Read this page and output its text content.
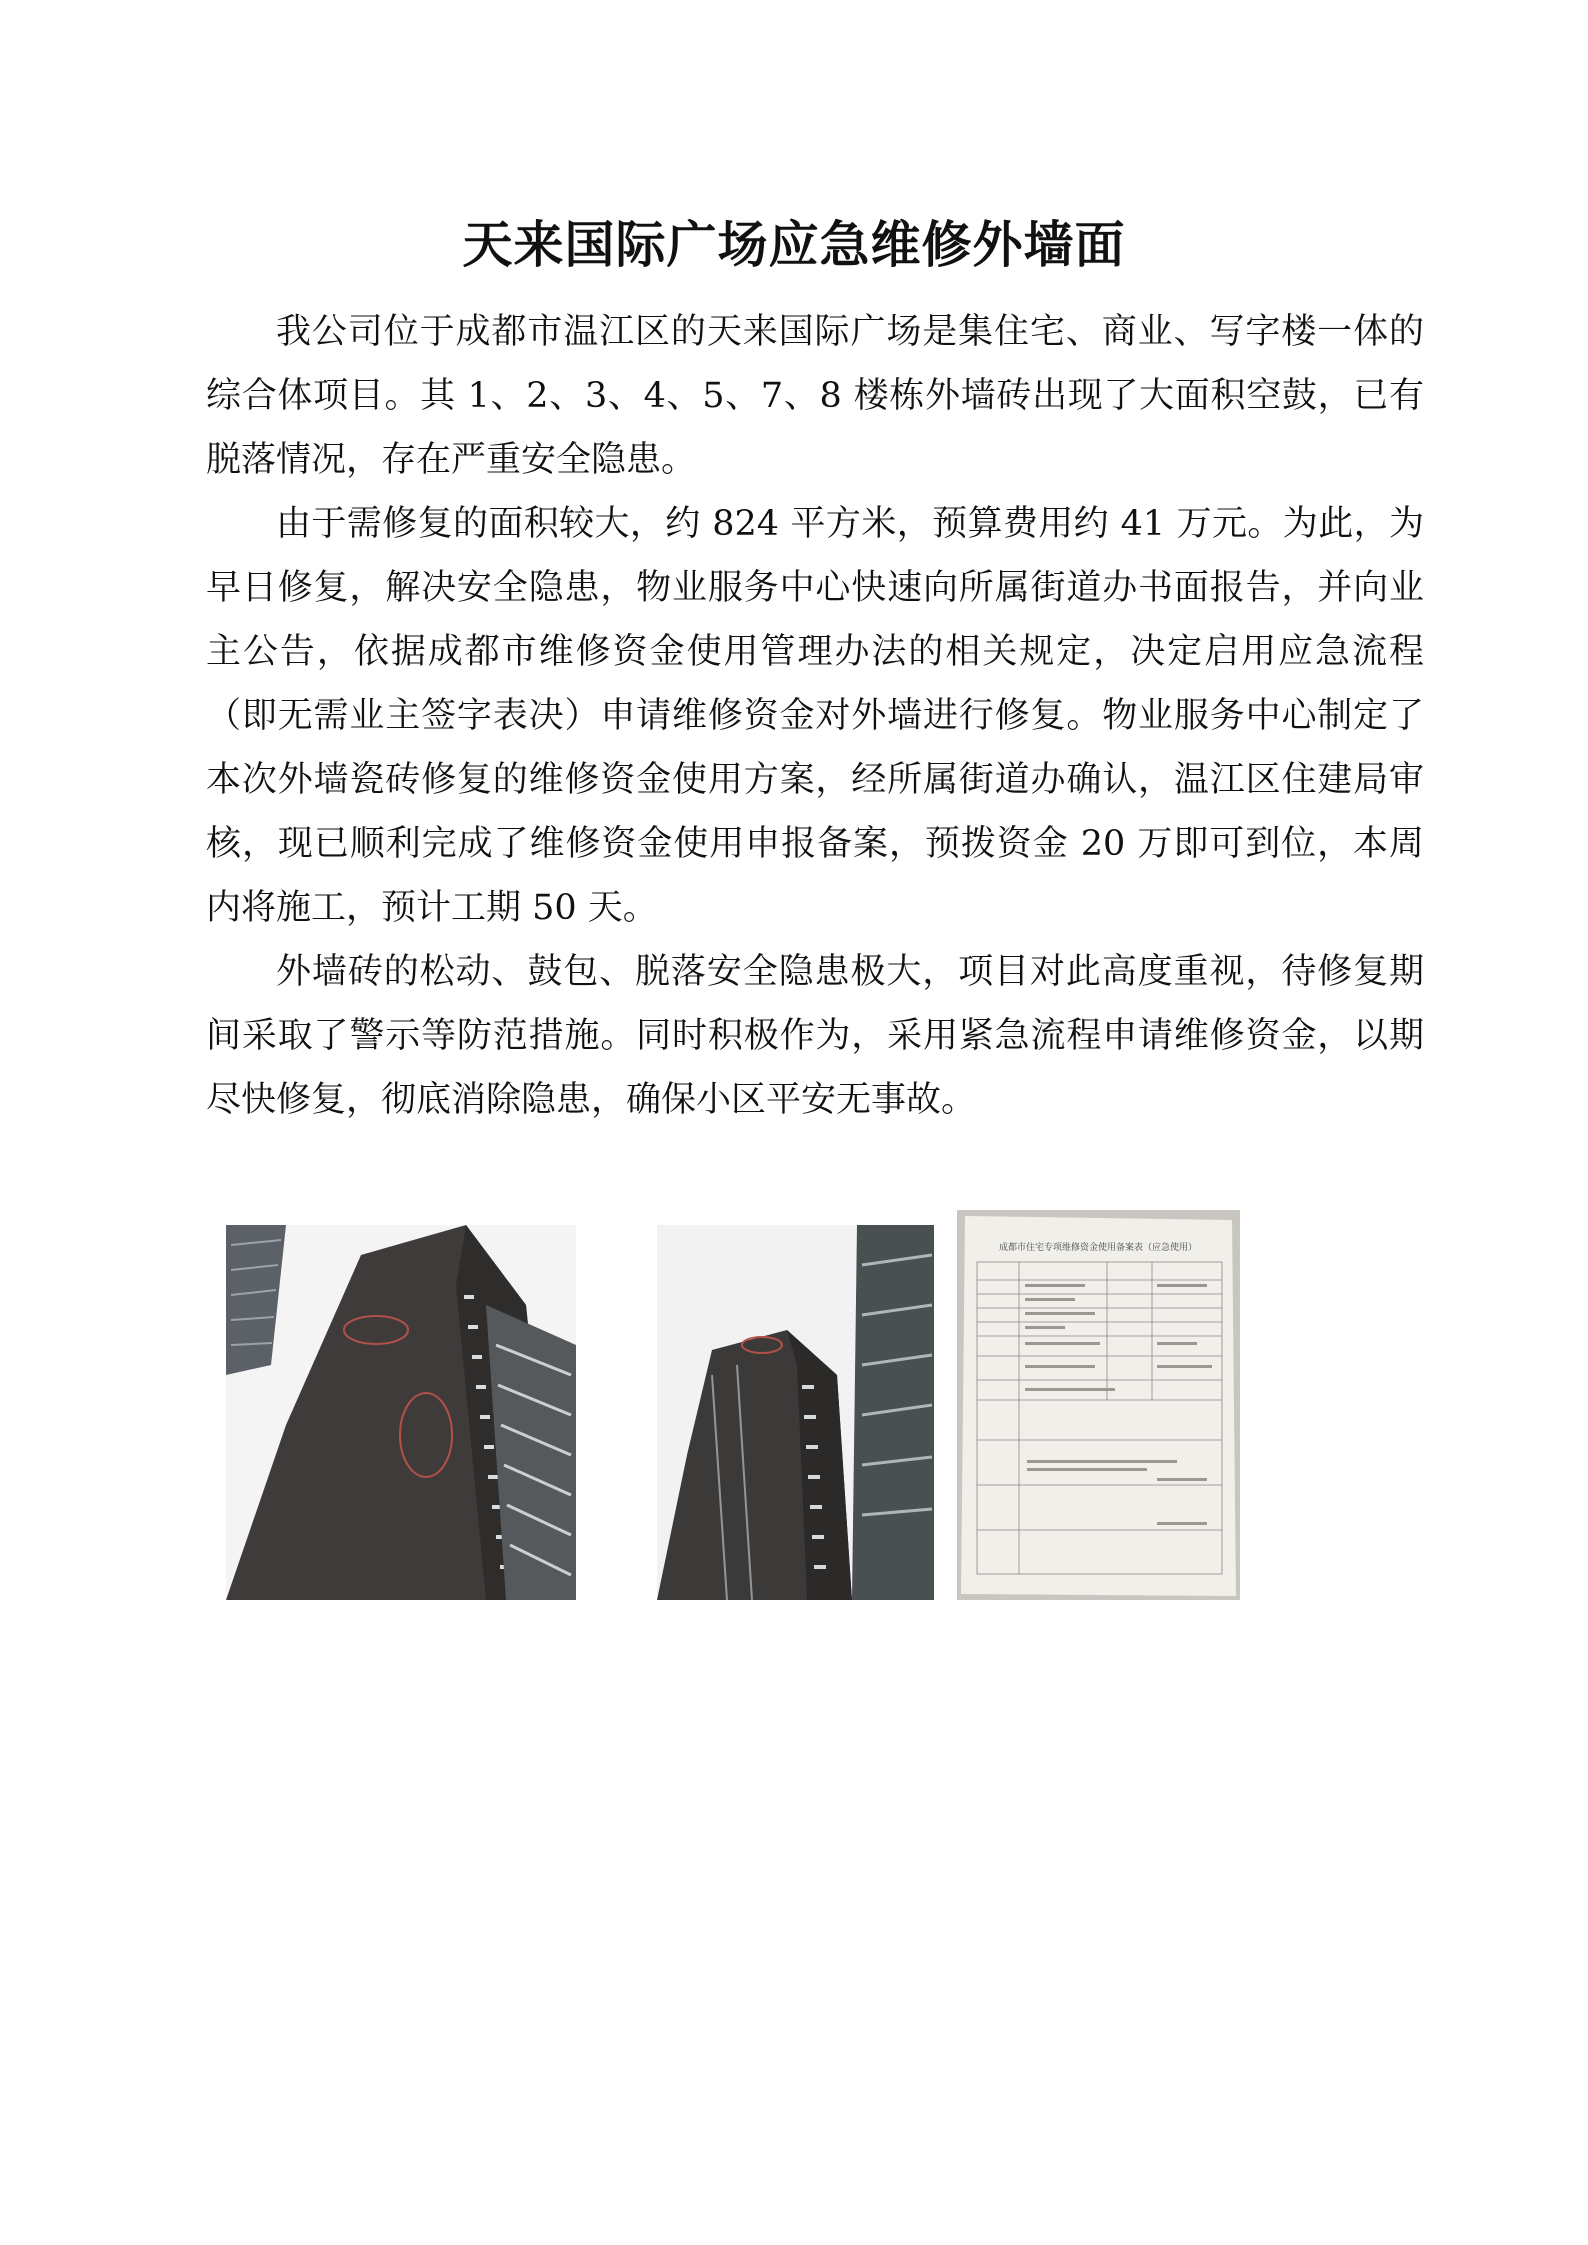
天来国际广场应急维修外墙面

我公司位于成都市温江区的天来国际广场是集住宅、商业、写字楼一体的综合体项目。其 1、2、3、4、5、7、8 楼栋外墙砖出现了大面积空鼓，已有脱落情况，存在严重安全隐患。

由于需修复的面积较大，约 824 平方米，预算费用约 41 万元。为此，为早日修复，解决安全隐患，物业服务中心快速向所属街道办书面报告，并向业主公告，依据成都市维修资金使用管理办法的相关规定，决定启用应急流程（即无需业主签字表决）申请维修资金对外墙进行修复。物业服务中心制定了本次外墙瓷砖修复的维修资金使用方案，经所属街道办确认，温江区住建局审核，现已顺利完成了维修资金使用申报备案，预拨资金 20 万即可到位，本周内将施工，预计工期 50 天。

外墙砖的松动、鼓包、脱落安全隐患极大，项目对此高度重视，待修复期间采取了警示等防范措施。同时积极作为，采用紧急流程申请维修资金，以期尽快修复，彻底消除隐患，确保小区平安无事故。

成都市住宅专项维修资金使用备案表（应急使用）
